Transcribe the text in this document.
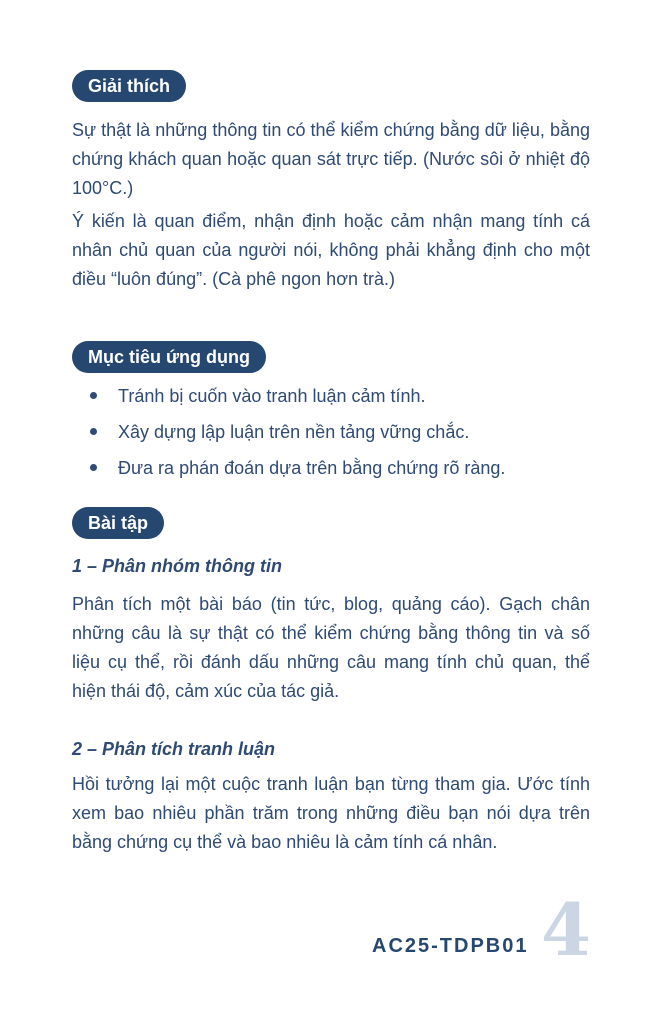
Giải thích

Sự thật là những thông tin có thể kiểm chứng bằng dữ liệu, bằng chứng khách quan hoặc quan sát trực tiếp. (Nước sôi ở nhiệt độ 100°C.)

Ý kiến là quan điểm, nhận định hoặc cảm nhận mang tính cá nhân chủ quan của người nói, không phải khẳng định cho một điều “luôn đúng”. (Cà phê ngon hơn trà.)

Mục tiêu ứng dụng
Tránh bị cuốn vào tranh luận cảm tính.
Xây dựng lập luận trên nền tảng vững chắc.
Đưa ra phán đoán dựa trên bằng chứng rõ ràng.
Bài tập

1 – Phân nhóm thông tin

Phân tích một bài báo (tin tức, blog, quảng cáo). Gạch chân những câu là sự thật có thể kiểm chứng bằng thông tin và số liệu cụ thể, rồi đánh dấu những câu mang tính chủ quan, thể hiện thái độ, cảm xúc của tác giả.

2 – Phân tích tranh luận

Hồi tưởng lại một cuộc tranh luận bạn từng tham gia. Ước tính xem bao nhiêu phần trăm trong những điều bạn nói dựa trên bằng chứng cụ thể và bao nhiêu là cảm tính cá nhân.

AC25-TDPB01 4
